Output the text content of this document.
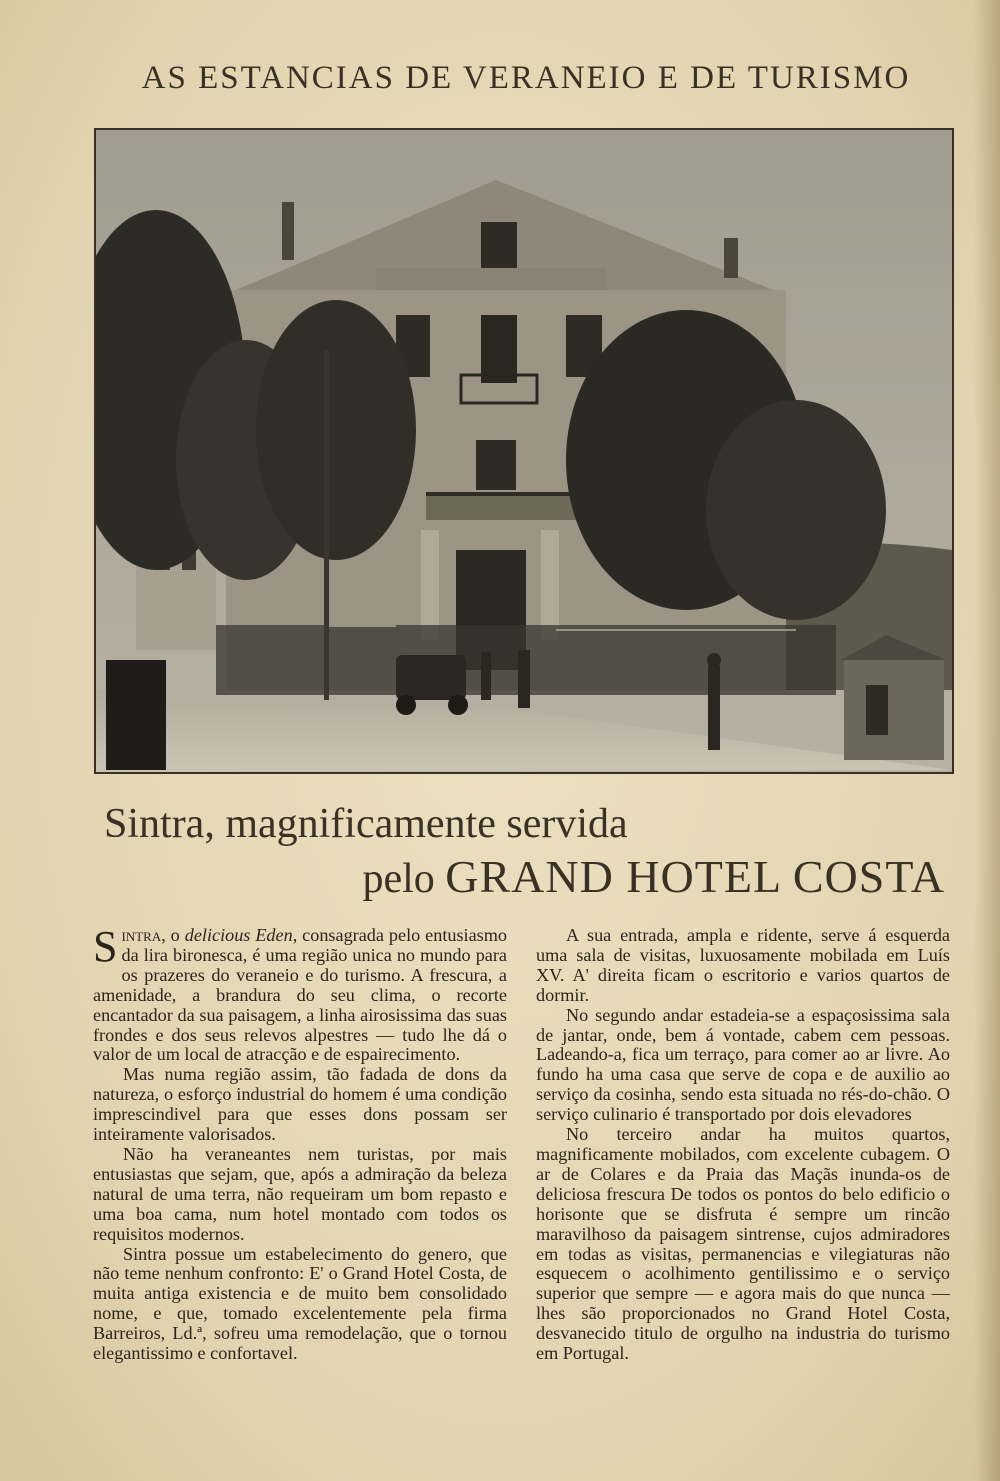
AS ESTANCIAS DE VERANEIO E DE TURISMO
Sintra, magnificamente servida
pelo GRAND HOTEL COSTA

Sintra, o delicious Eden, consagrada pelo entusiasmo da lira bironesca, é uma região unica no mundo para os prazeres do veraneio e do turismo. A frescura, a amenidade, a brandura do seu clima, o recorte encantador da sua paisagem, a linha airosissima das suas frondes e dos seus relevos alpestres — tudo lhe dá o valor de um local de atracção e de espairecimento.

Mas numa região assim, tão fadada de dons da natureza, o esforço industrial do homem é uma condição imprescindivel para que esses dons possam ser inteiramente valorisados.

Não ha veraneantes nem turistas, por mais entusiastas que sejam, que, após a admiração da beleza natural de uma terra, não requeiram um bom repasto e uma boa cama, num hotel montado com todos os requisitos modernos.

Sintra possue um estabelecimento do genero, que não teme nenhum confronto: E' o Grand Hotel Costa, de muita antiga existencia e de muito bem consolidado nome, e que, tomado excelentemente pela firma Barreiros, Ld.ª, sofreu uma remodelação, que o tornou elegantissimo e confortavel.

A sua entrada, ampla e ridente, serve á esquerda uma sala de visitas, luxuosamente mobilada em Luís XV. A' direita ficam o escritorio e varios quartos de dormir.

No segundo andar estadeia-se a espaçosissima sala de jantar, onde, bem á vontade, cabem cem pessoas. Ladeando-a, fica um terraço, para comer ao ar livre. Ao fundo ha uma casa que serve de copa e de auxilio ao serviço da cosinha, sendo esta situada no rés-do-chão. O serviço culinario é transportado por dois elevadores

No terceiro andar ha muitos quartos, magnificamente mobilados, com excelente cubagem. O ar de Colares e da Praia das Maçãs inunda-os de deliciosa frescura De todos os pontos do belo edificio o horisonte que se disfruta é sempre um rincão maravilhoso da paisagem sintrense, cujos admiradores em todas as visitas, permanencias e vilegiaturas não esquecem o acolhimento gentilissimo e o serviço superior que sempre — e agora mais do que nunca — lhes são proporcionados no Grand Hotel Costa, desvanecido titulo de orgulho na industria do turismo em Portugal.
